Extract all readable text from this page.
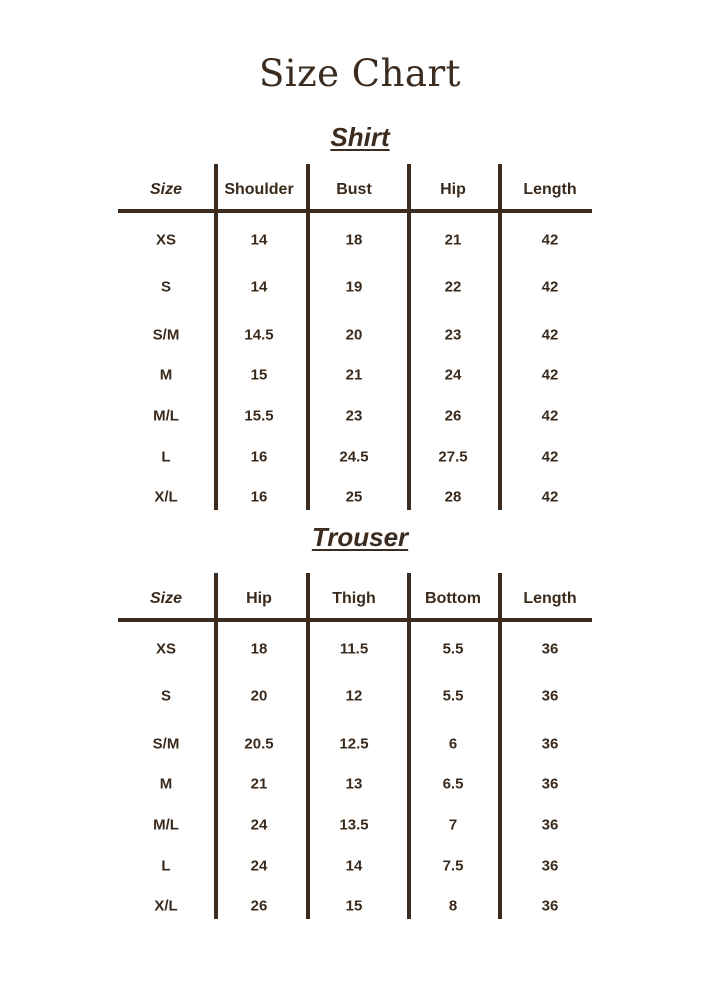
Size Chart
Shirt
Size	Shoulder	Bust	Hip	Length
XS	14	18	21	42
S	14	19	22	42
S/M	14.5	20	23	42
M	15	21	24	42
M/L	15.5	23	26	42
L	16	24.5	27.5	42
X/L	16	25	28	42
Trouser
Size	Hip	Thigh	Bottom	Length
XS	18	11.5	5.5	36
S	20	12	5.5	36
S/M	20.5	12.5	6	36
M	21	13	6.5	36
M/L	24	13.5	7	36
L	24	14	7.5	36
X/L	26	15	8	36
